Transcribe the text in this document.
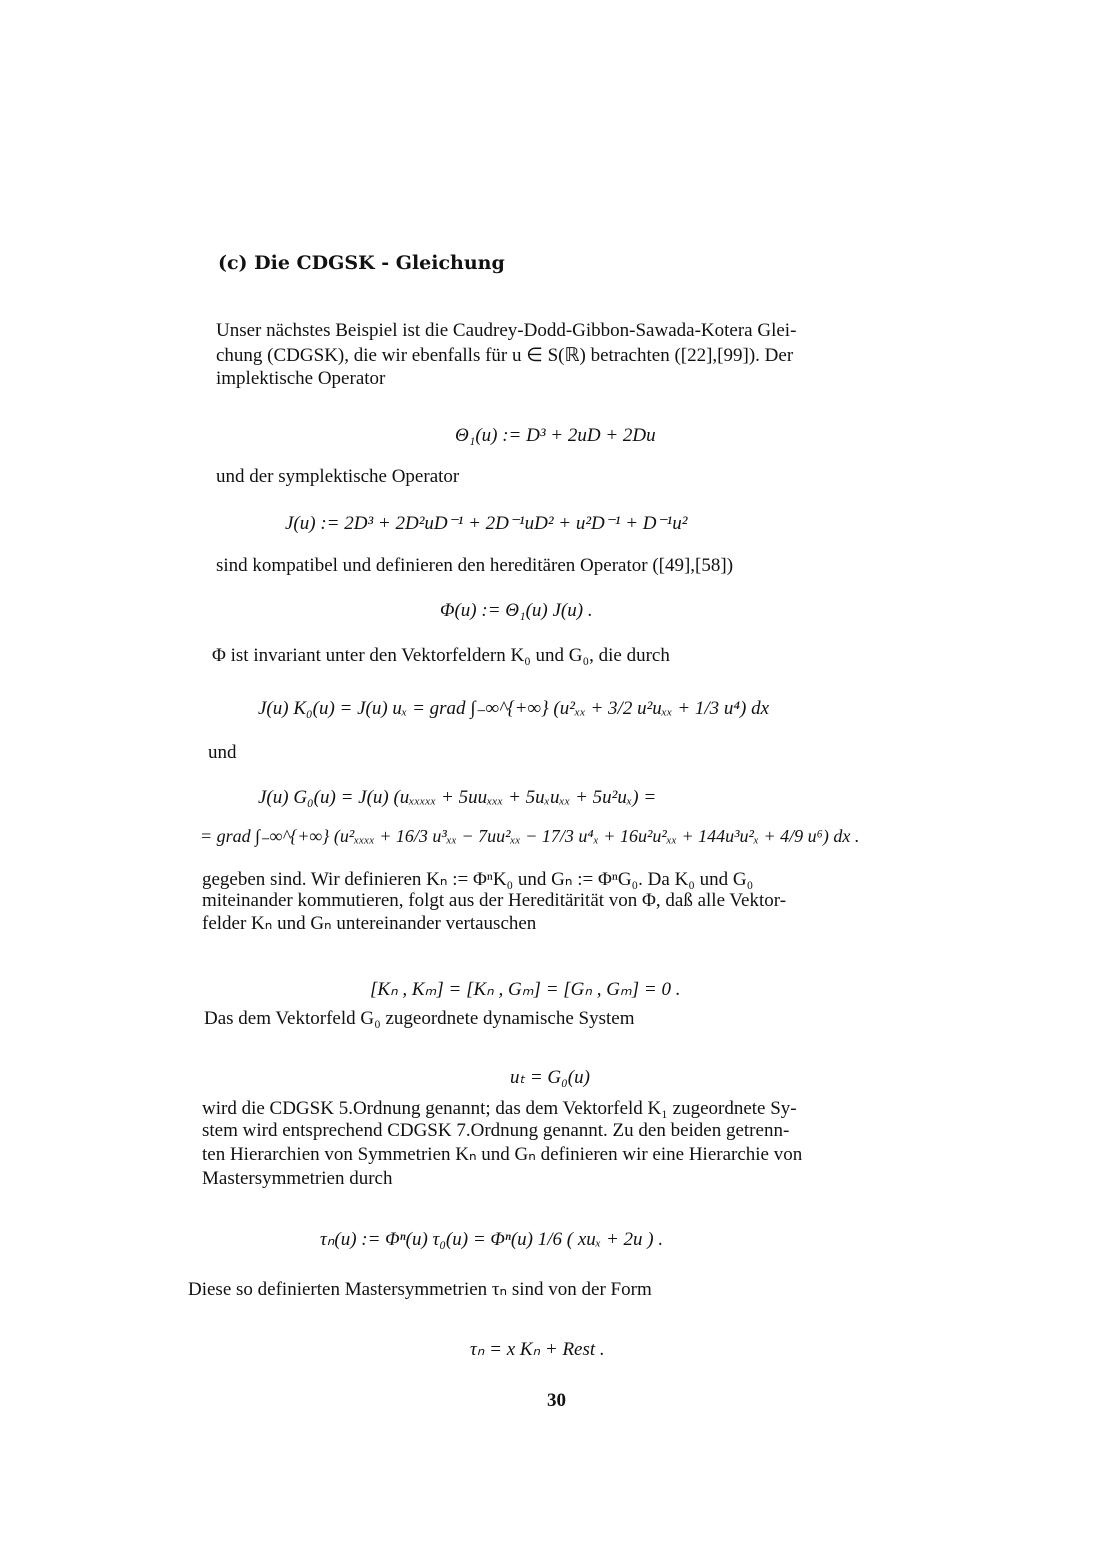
(c) Die CDGSK - Gleichung
Unser nächstes Beispiel ist die Caudrey-Dodd-Gibbon-Sawada-Kotera Glei-
chung (CDGSK), die wir ebenfalls für u ∈ S(ℝ) betrachten ([22],[99]). Der
implektische Operator
Θ₁(u) := D³ + 2uD + 2Du
und der symplektische Operator
J(u) := 2D³ + 2D²uD⁻¹ + 2D⁻¹uD² + u²D⁻¹ + D⁻¹u²
sind kompatibel und definieren den hereditären Operator ([49],[58])
Φ(u) := Θ₁(u) J(u) .
Φ ist invariant unter den Vektorfeldern K₀ und G₀, die durch
J(u) K₀(u) = J(u) uₓ = grad ∫₋∞^{+∞} (u²ₓₓ + 3/2 u²uₓₓ + 1/3 u⁴) dx
und
J(u) G₀(u) = J(u) (uₓₓₓₓₓ + 5uuₓₓₓ + 5uₓuₓₓ + 5u²uₓ) =
= grad ∫₋∞^{+∞} (u²ₓₓₓₓ + 16/3 u³ₓₓ − 7uu²ₓₓ − 17/3 u⁴ₓ + 16u²u²ₓₓ + 144u³u²ₓ + 4/9 u⁶) dx .
gegeben sind. Wir definieren Kₙ := ΦⁿK₀ und Gₙ := ΦⁿG₀. Da K₀ und G₀
miteinander kommutieren, folgt aus der Hereditärität von Φ, daß alle Vektor-
felder Kₙ und Gₙ untereinander vertauschen
[Kₙ , Kₘ] = [Kₙ , Gₘ] = [Gₙ , Gₘ] = 0 .
Das dem Vektorfeld G₀ zugeordnete dynamische System
uₜ = G₀(u)
wird die CDGSK 5.Ordnung genannt; das dem Vektorfeld K₁ zugeordnete Sy-
stem wird entsprechend CDGSK 7.Ordnung genannt. Zu den beiden getrenn-
ten Hierarchien von Symmetrien Kₙ und Gₙ definieren wir eine Hierarchie von
Mastersymmetrien durch
τₙ(u) := Φⁿ(u) τ₀(u) = Φⁿ(u) 1/6 ( xuₓ + 2u ) .
Diese so definierten Mastersymmetrien τₙ sind von der Form
τₙ = x Kₙ + Rest .
30
